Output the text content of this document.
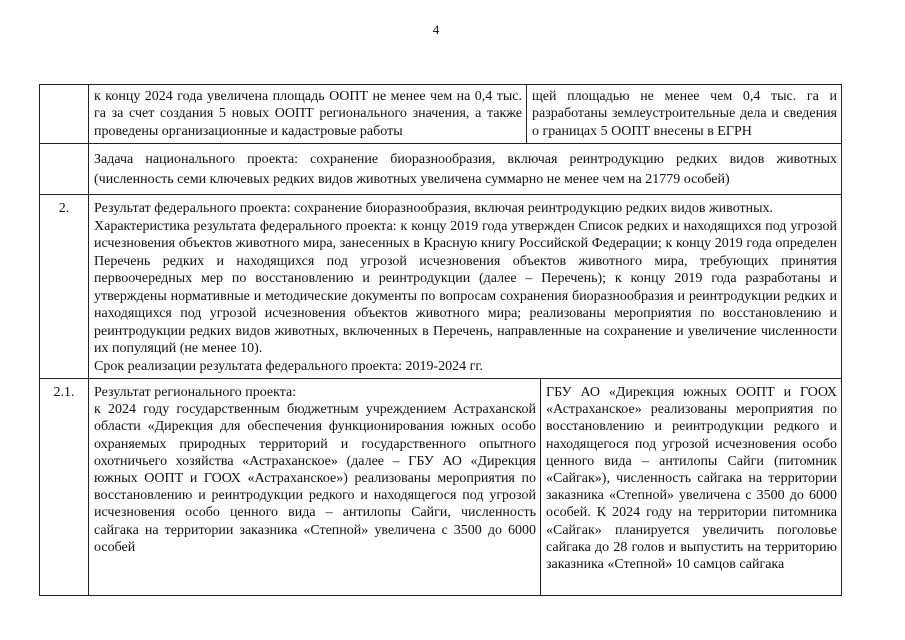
4

к концу 2024 года увеличена площадь ООПТ не менее чем на 0,4 тыс. га за счет создания 5 новых ООПТ регионального значения, а также проведены организационные и кадастровые работы

щей площадью не менее чем 0,4 тыс. га и разработаны землеустроительные дела и сведения о границах 5 ООПТ внесены в ЕГРН

Задача национального проекта: сохранение биоразнообразия, включая реинтродукцию редких видов животных (численность семи ключевых редких видов животных увеличена суммарно не менее чем на 21779 особей)

2.	Результат федерального проекта: сохранение биоразнообразия, включая реинтродукцию редких видов животных.

Характеристика результата федерального проекта: к концу 2019 года утвержден Список редких и находящихся под угрозой исчезновения объектов животного мира, занесенных в Красную книгу Российской Федерации; к концу 2019 года определен Перечень редких и находящихся под угрозой исчезновения объектов животного мира, требующих принятия первоочередных мер по восстановлению и реинтродукции (далее – Перечень); к концу 2019 года разработаны и утверждены нормативные и методические документы по вопросам сохранения биоразнообразия и реинтродукции редких и находящихся под угрозой исчезновения объектов животного мира; реализованы мероприятия по восстановлению и реинтродукции редких видов животных, включенных в Перечень, направленные на сохранение и увеличение численности их популяций (не менее 10).

Срок реализации результата федерального проекта: 2019-2024 гг.

2.1.	Результат регионального проекта:

к 2024 году государственным бюджетным учреждением Астраханской области «Дирекция для обеспечения функционирования южных особо охраняемых природных территорий и государственного опытного охотничьего хозяйства «Астраханское» (далее – ГБУ АО «Дирекция южных ООПТ и ГООХ «Астраханское») реализованы мероприятия по восстановлению и реинтродукции редкого и находящегося под угрозой исчезновения особо ценного вида – антилопы Сайги, численность сайгака на территории заказника «Степной» увеличена с 3500 до 6000 особей

ГБУ АО «Дирекция южных ООПТ и ГООХ «Астраханское» реализованы мероприятия по восстановлению и реинтродукции редкого и находящегося под угрозой исчезновения особо ценного вида – антилопы Сайги (питомник «Сайгак»), численность сайгака на территории заказника «Степной» увеличена с 3500 до 6000 особей. К 2024 году на территории питомника «Сайгак» планируется увеличить поголовье сайгака до 28 голов и выпустить на территорию заказника «Степной» 10 самцов сайгака
